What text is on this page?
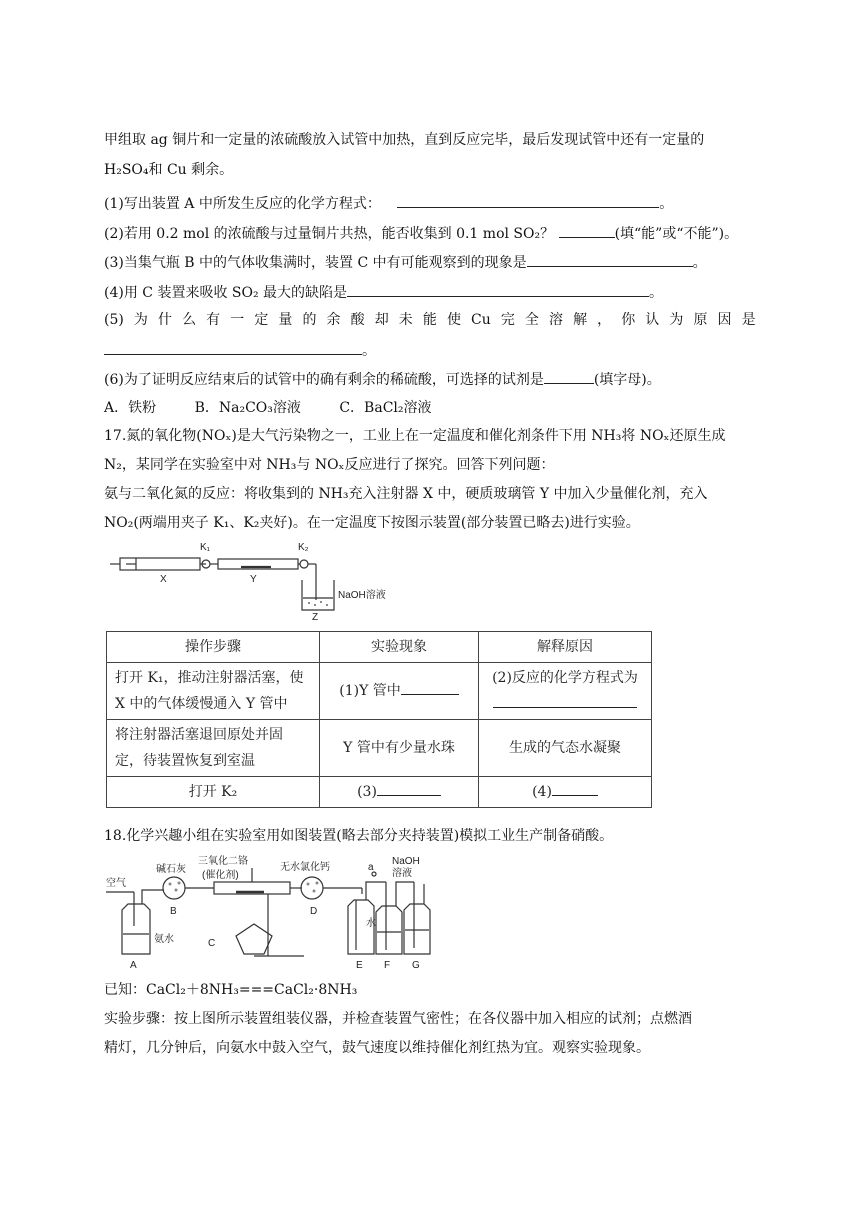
甲组取 ag 铜片和一定量的浓硫酸放入试管中加热，直到反应完毕，最后发现试管中还有一定量的
H₂SO₄和 Cu 剩余。
(1)写出装置 A 中所发生反应的化学方程式：	。
(2)若用 0.2 mol 的浓硫酸与过量铜片共热，能否收集到 0.1 mol SO₂？	(填“能”或“不能”)。
(3)当集气瓶 B 中的气体收集满时，装置 C 中有可能观察到的现象是	。
(4)用 C 装置来吸收 SO₂ 最大的缺陷是	。
(5) 为 什 么 有 一 定 量 的 余 酸 却 未 能 使 Cu 完 全 溶 解 ， 你 认 为 原 因 是
。
(6)为了证明反应结束后的试管中的确有剩余的稀硫酸，可选择的试剂是	(填字母)。
A．铁粉	B．Na₂CO₃溶液	C．BaCl₂溶液
17.氮的氧化物(NOₓ)是大气污染物之一，工业上在一定温度和催化剂条件下用 NH₃将 NOₓ还原生成
N₂，某同学在实验室中对 NH₃与 NOₓ反应进行了探究。回答下列问题：
氨与二氧化氮的反应：将收集到的 NH₃充入注射器 X 中，硬质玻璃管 Y 中加入少量催化剂，充入
NO₂(两端用夹子 K₁、K₂夹好)。在一定温度下按图示装置(部分装置已略去)进行实验。
K₁	K₂
X	Y
Z
NaOH溶液
操作步骤	实验现象	解释原因

打开 K₁，推动注射器活塞，使
X 中的气体缓慢通入 Y 管中	(1)Y 管中	(2)反应的化学方程式为

将注射器活塞退回原处并固
定，待装置恢复到室温	Y 管中有少量水珠	生成的气态水凝聚
打开 K₂	(3)	(4)
18.化学兴趣小组在实验室用如图装置(略去部分夹持装置)模拟工业生产制备硝酸。
空气
碱石灰
三氧化二铬
(催化剂)
无水氯化钙
NaOH
溶液
a
水
氨水
A
B
C
D
E F G
已知：CaCl₂＋8NH₃===CaCl₂·8NH₃
实验步骤：按上图所示装置组装仪器，并检查装置气密性；在各仪器中加入相应的试剂；点燃酒
精灯，几分钟后，向氨水中鼓入空气，鼓气速度以维持催化剂红热为宜。观察实验现象。
